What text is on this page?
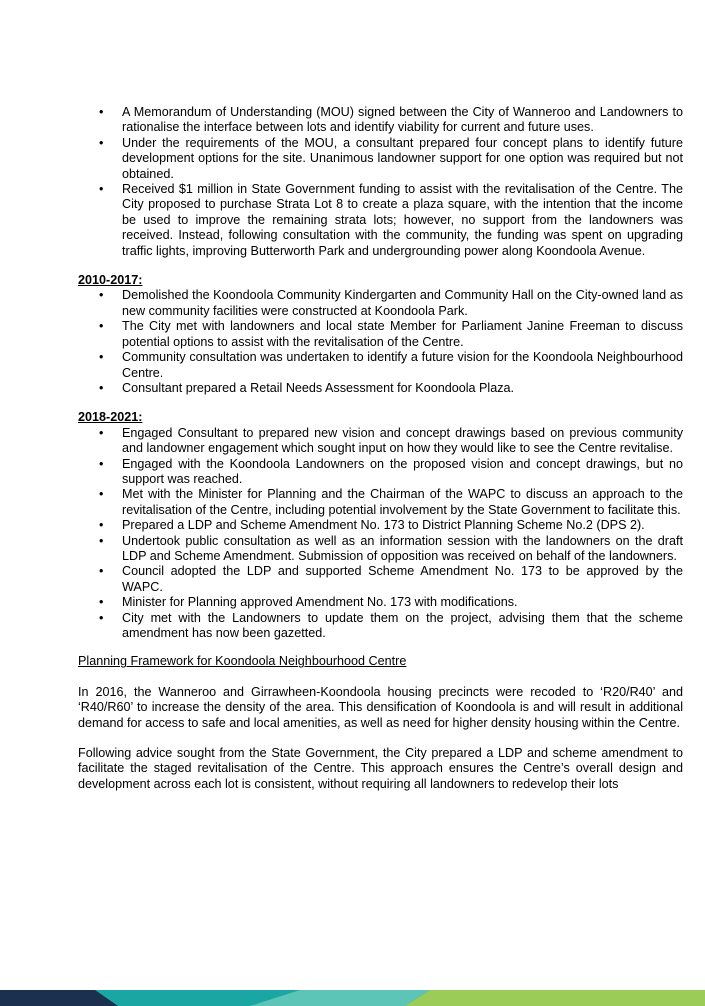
• A Memorandum of Understanding (MOU) signed between the City of Wanneroo and Landowners to rationalise the interface between lots and identify viability for current and future uses.
• Under the requirements of the MOU, a consultant prepared four concept plans to identify future development options for the site. Unanimous landowner support for one option was required but not obtained.
• Received $1 million in State Government funding to assist with the revitalisation of the Centre. The City proposed to purchase Strata Lot 8 to create a plaza square, with the intention that the income be used to improve the remaining strata lots; however, no support from the landowners was received. Instead, following consultation with the community, the funding was spent on upgrading traffic lights, improving Butterworth Park and undergrounding power along Koondoola Avenue.
2010-2017:
• Demolished the Koondoola Community Kindergarten and Community Hall on the City-owned land as new community facilities were constructed at Koondoola Park.
• The City met with landowners and local state Member for Parliament Janine Freeman to discuss potential options to assist with the revitalisation of the Centre.
• Community consultation was undertaken to identify a future vision for the Koondoola Neighbourhood Centre.
• Consultant prepared a Retail Needs Assessment for Koondoola Plaza.
2018-2021:
• Engaged Consultant to prepared new vision and concept drawings based on previous community and landowner engagement which sought input on how they would like to see the Centre revitalise.
• Engaged with the Koondoola Landowners on the proposed vision and concept drawings, but no support was reached.
• Met with the Minister for Planning and the Chairman of the WAPC to discuss an approach to the revitalisation of the Centre, including potential involvement by the State Government to facilitate this.
• Prepared a LDP and Scheme Amendment No. 173 to District Planning Scheme No.2 (DPS 2).
• Undertook public consultation as well as an information session with the landowners on the draft LDP and Scheme Amendment. Submission of opposition was received on behalf of the landowners.
• Council adopted the LDP and supported Scheme Amendment No. 173 to be approved by the WAPC.
• Minister for Planning approved Amendment No. 173 with modifications.
• City met with the Landowners to update them on the project, advising them that the scheme amendment has now been gazetted.
Planning Framework for Koondoola Neighbourhood Centre

In 2016, the Wanneroo and Girrawheen-Koondoola housing precincts were recoded to ‘R20/R40’ and ‘R40/R60’ to increase the density of the area. This densification of Koondoola is and will result in additional demand for access to safe and local amenities, as well as need for higher density housing within the Centre.

Following advice sought from the State Government, the City prepared a LDP and scheme amendment to facilitate the staged revitalisation of the Centre. This approach ensures the Centre’s overall design and development across each lot is consistent, without requiring all landowners to redevelop their lots
